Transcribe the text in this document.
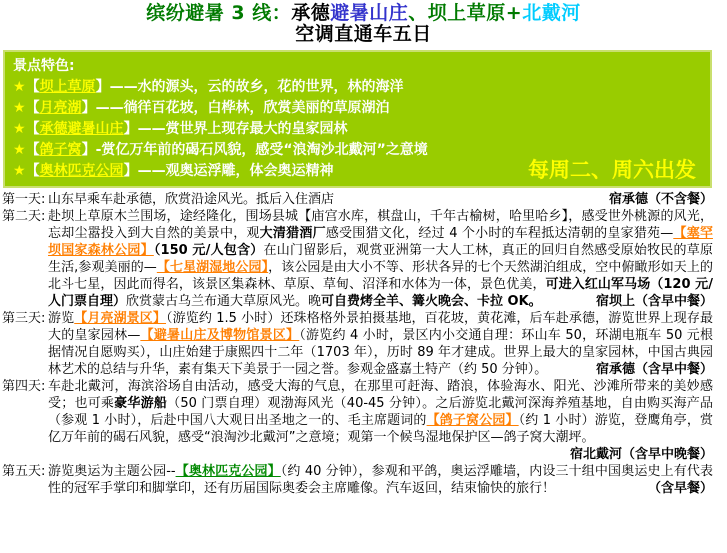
缤纷避暑 3 线：承德避暑山庄、坝上草原+北戴河
空调直通车五日
景点特色:
★【坝上草原】——水的源头，云的故乡，花的世界，林的海洋
★【月亮湖】——徜徉百花坡，白桦林，欣赏美丽的草原湖泊
★【承德避暑山庄】——赏世界上现存最大的皇家园林
★【鸽子窝】-赏亿万年前的碣石风貌，感受“浪淘沙北戴河”之意境
★【奥林匹克公园】——观奥运浮雕，体会奥运精神	每周二、周六出发
第一天: 山东早乘车赴承德，欣赏沿途风光。抵后入住酒店	宿承德（不含餐）
第二天: 赴坝上草原木兰围场，途经隆化，围场县城【庙宫水库，棋盘山，千年古榆树，哈里哈乡】，感受世外桃源的风光，忘却尘嚣投入到大自然的美景中，观大清猎酒厂感受围猎文化，经过 4 个小时的车程抵达清朝的皇家猎苑—【塞罕坝国家森林公园】（150 元/人包含）在山门留影后，观赏亚洲第一大人工林，真正的回归自然感受原始牧民的草原生活,参观美丽的—【七星湖湿地公园】，该公园是由大小不等、形状各异的七个天然湖泊组成，空中俯瞰形如天上的北斗七星，因此而得名，该景区集森林、草原、草甸、沼泽和水体为一体，景色优美，可进入红山军马场（120 元/人门票自理）欣赏蒙古乌兰布通大草原风光。晚可自费烤全羊、篝火晚会、卡拉 OK。	宿坝上（含早中餐）
第三天: 游览【月亮湖景区】（游览约 1.5 小时）还珠格格外景拍摄基地，百花坡，黄花滩，后车赴承德，游览世界上现存最大的皇家园林—【避暑山庄及博物馆景区】（游览约 4 小时，景区内小交通自理：环山车 50，环湖电瓶车 50 元根据情况自愿购买），山庄始建于康熙四十二年（1703 年），历时 89 年才建成。世界上最大的皇家园林，中国古典园林艺术的总结与升华，素有集天下美景于一园之誉。参观金盛嘉土特产（约 50 分钟）。	宿承德（含早中餐）
第四天: 车赴北戴河，海滨浴场自由活动，感受大海的气息，在那里可赶海、踏浪，体验海水、阳光、沙滩所带来的美妙感受；也可乘豪华游船（50 门票自理）观渤海风光（40-45 分钟）。之后游览北戴河深海养殖基地，自由购买海产品（参观 1 小时），后赴中国八大观日出圣地之一的、毛主席题词的【鸽子窝公园】（约 1 小时）游览，登鹰角亭，赏亿万年前的碣石风貌，感受“浪淘沙北戴河”之意境；观第一个候鸟湿地保护区—鸽子窝大潮坪。
宿北戴河（含早中晚餐）
第五天: 游览奥运为主题公园--【奥林匹克公园】（约 40 分钟），参观和平鸽，奥运浮雕墙，内设三十组中国奥运史上有代表性的冠军手掌印和脚掌印，还有历届国际奥委会主席雕像。汽车返回，结束愉快的旅行！	（含早餐）
